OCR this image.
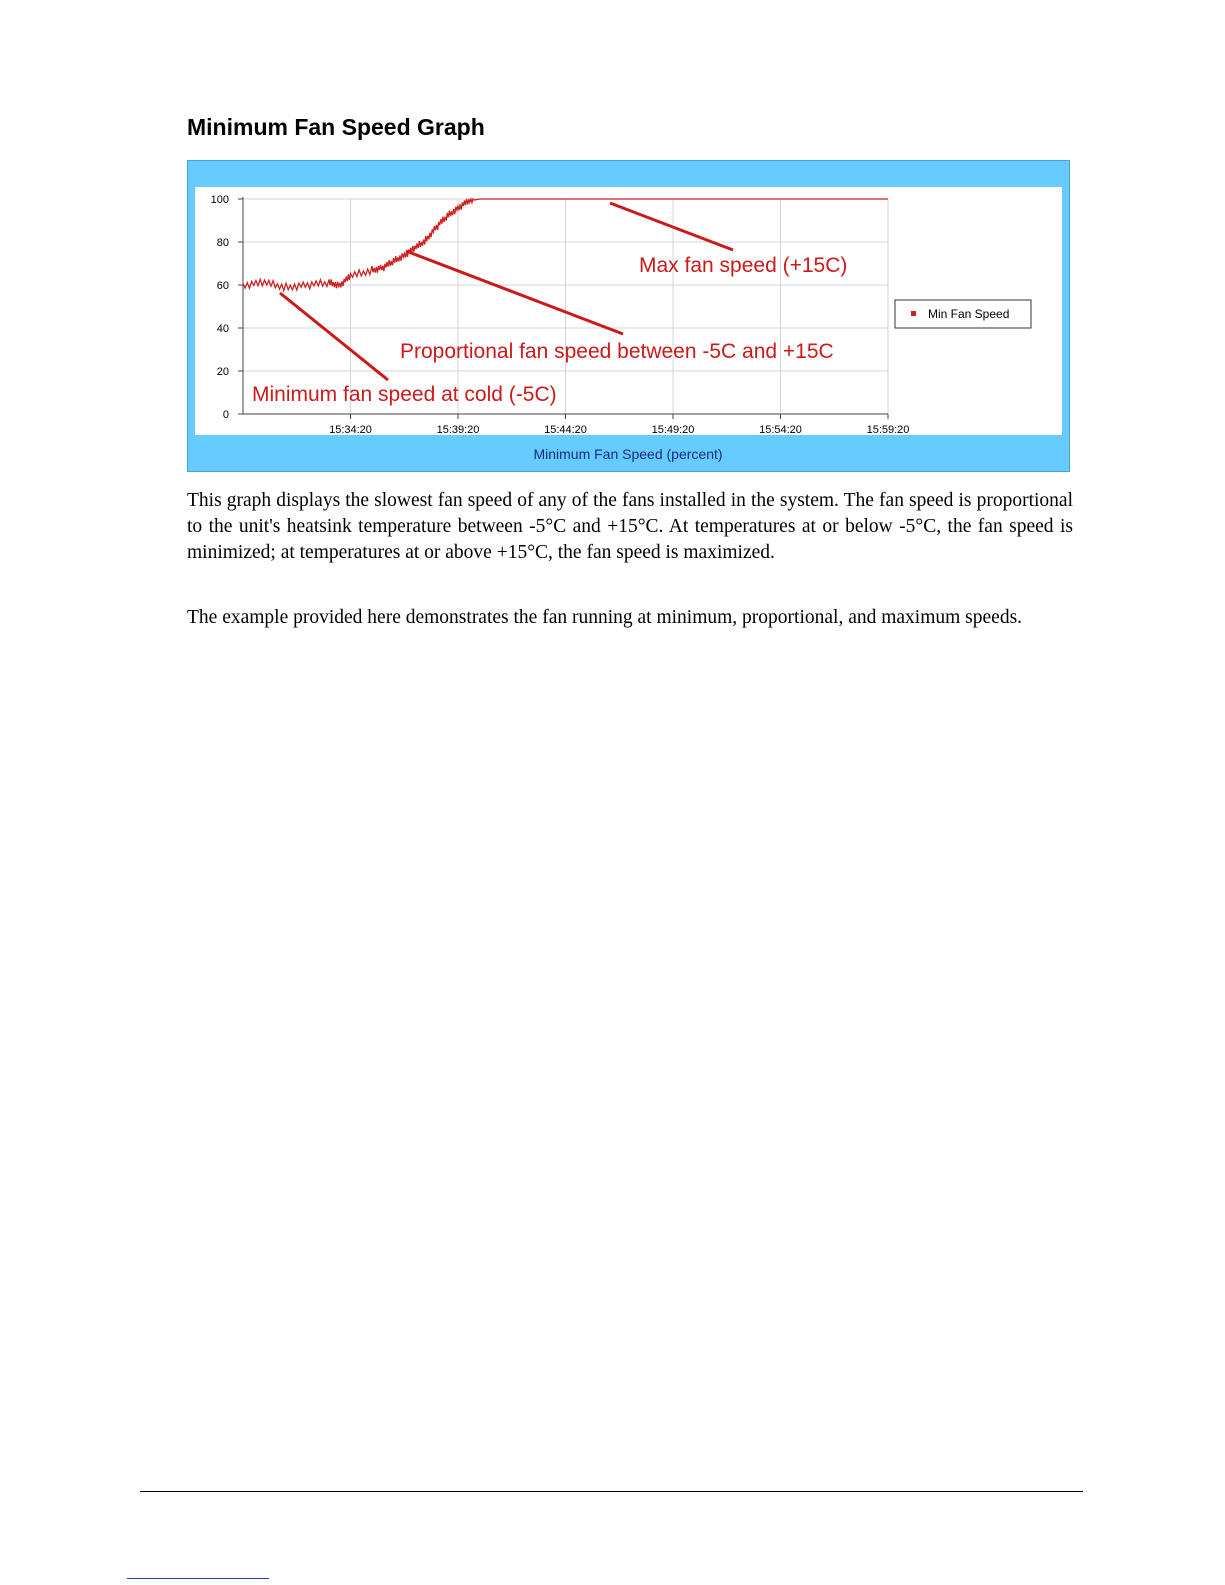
Minimum Fan Speed Graph
0
20
40
60
80
100
15:34:20	15:39:20	15:44:20	15:49:20	15:54:20	15:59:20
Max fan speed (+15C)
Proportional fan speed between -5C and +15C
Minimum fan speed at cold (-5C)
Min Fan Speed
Minimum Fan Speed (percent)

This graph displays the slowest fan speed of any of the fans installed in the system. The fan speed is proportional to the unit's heatsink temperature between -5°C and +15°C. At temperatures at or below -5°C, the fan speed is minimized; at temperatures at or above +15°C, the fan speed is maximized.

The example provided here demonstrates the fan running at minimum, proportional, and maximum speeds.
